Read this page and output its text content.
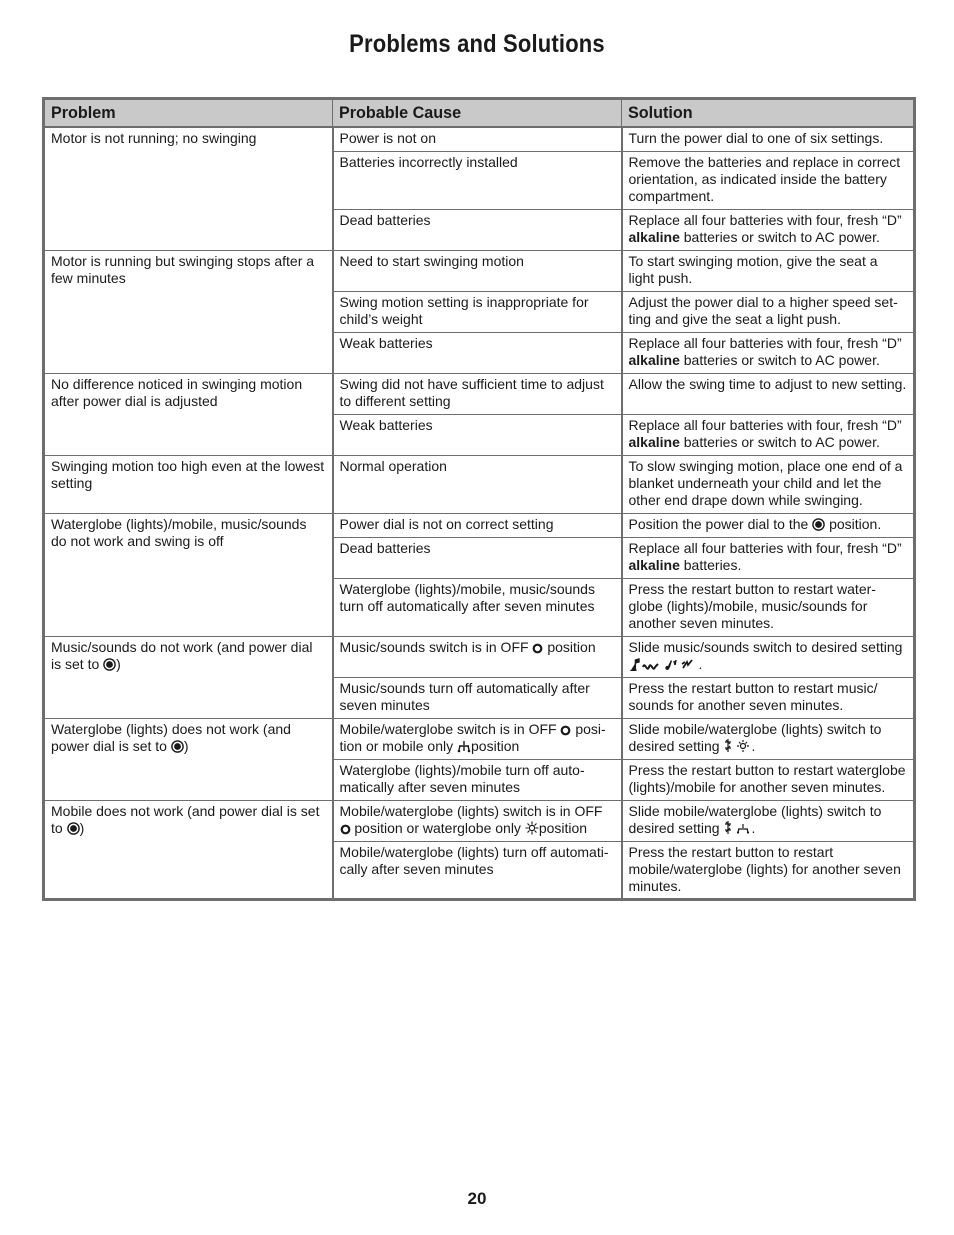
Problems and Solutions
Problem	Probable Cause	Solution
Motor is not running; no swinging	Power is not on	Turn the power dial to one of six settings.
	Batteries incorrectly installed	Remove the batteries and replace in correct orientation, as indicated inside the battery compartment.
	Dead batteries	Replace all four batteries with four, fresh “D” alkaline batteries or switch to AC power.
Motor is running but swinging stops after a few minutes	Need to start swinging motion	To start swinging motion, give the seat a light push.
	Swing motion setting is inappropriate for child’s weight	Adjust the power dial to a higher speed set-ting and give the seat a light push.
	Weak batteries	Replace all four batteries with four, fresh “D” alkaline batteries or switch to AC power.
No difference noticed in swinging motion after power dial is adjusted	Swing did not have sufficient time to adjust to different setting	Allow the swing time to adjust to new setting.
	Weak batteries	Replace all four batteries with four, fresh “D” alkaline batteries or switch to AC power.
Swinging motion too high even at the lowest setting	Normal operation	To slow swinging motion, place one end of a blanket underneath your child and let the other end drape down while swinging.
Waterglobe (lights)/mobile, music/sounds do not work and swing is off	Power dial is not on correct setting	Position the power dial to the position.
	Dead batteries	Replace all four batteries with four, fresh “D” alkaline batteries.
	Waterglobe (lights)/mobile, music/sounds turn off automatically after seven minutes	Press the restart button to restart water-globe (lights)/mobile, music/sounds for another seven minutes.
Music/sounds do not work (and power dial is set to )	Music/sounds switch is in OFF position	Slide music/sounds switch to desired setting .
	Music/sounds turn off automatically after seven minutes	Press the restart button to restart music/ sounds for another seven minutes.
Waterglobe (lights) does not work (and power dial is set to )	Mobile/waterglobe switch is in OFF posi-tion or mobile only position	Slide mobile/waterglobe (lights) switch to desired setting .
	Waterglobe (lights)/mobile turn off auto-matically after seven minutes	Press the restart button to restart waterglobe (lights)/mobile for another seven minutes.
Mobile does not work (and power dial is set to )	Mobile/waterglobe (lights) switch is in OFF  position or waterglobe only position	Slide mobile/waterglobe (lights) switch to desired setting .
	Mobile/waterglobe (lights) turn off automati-cally after seven minutes	Press the restart button to restart mobile/waterglobe (lights) for another seven minutes.
20
